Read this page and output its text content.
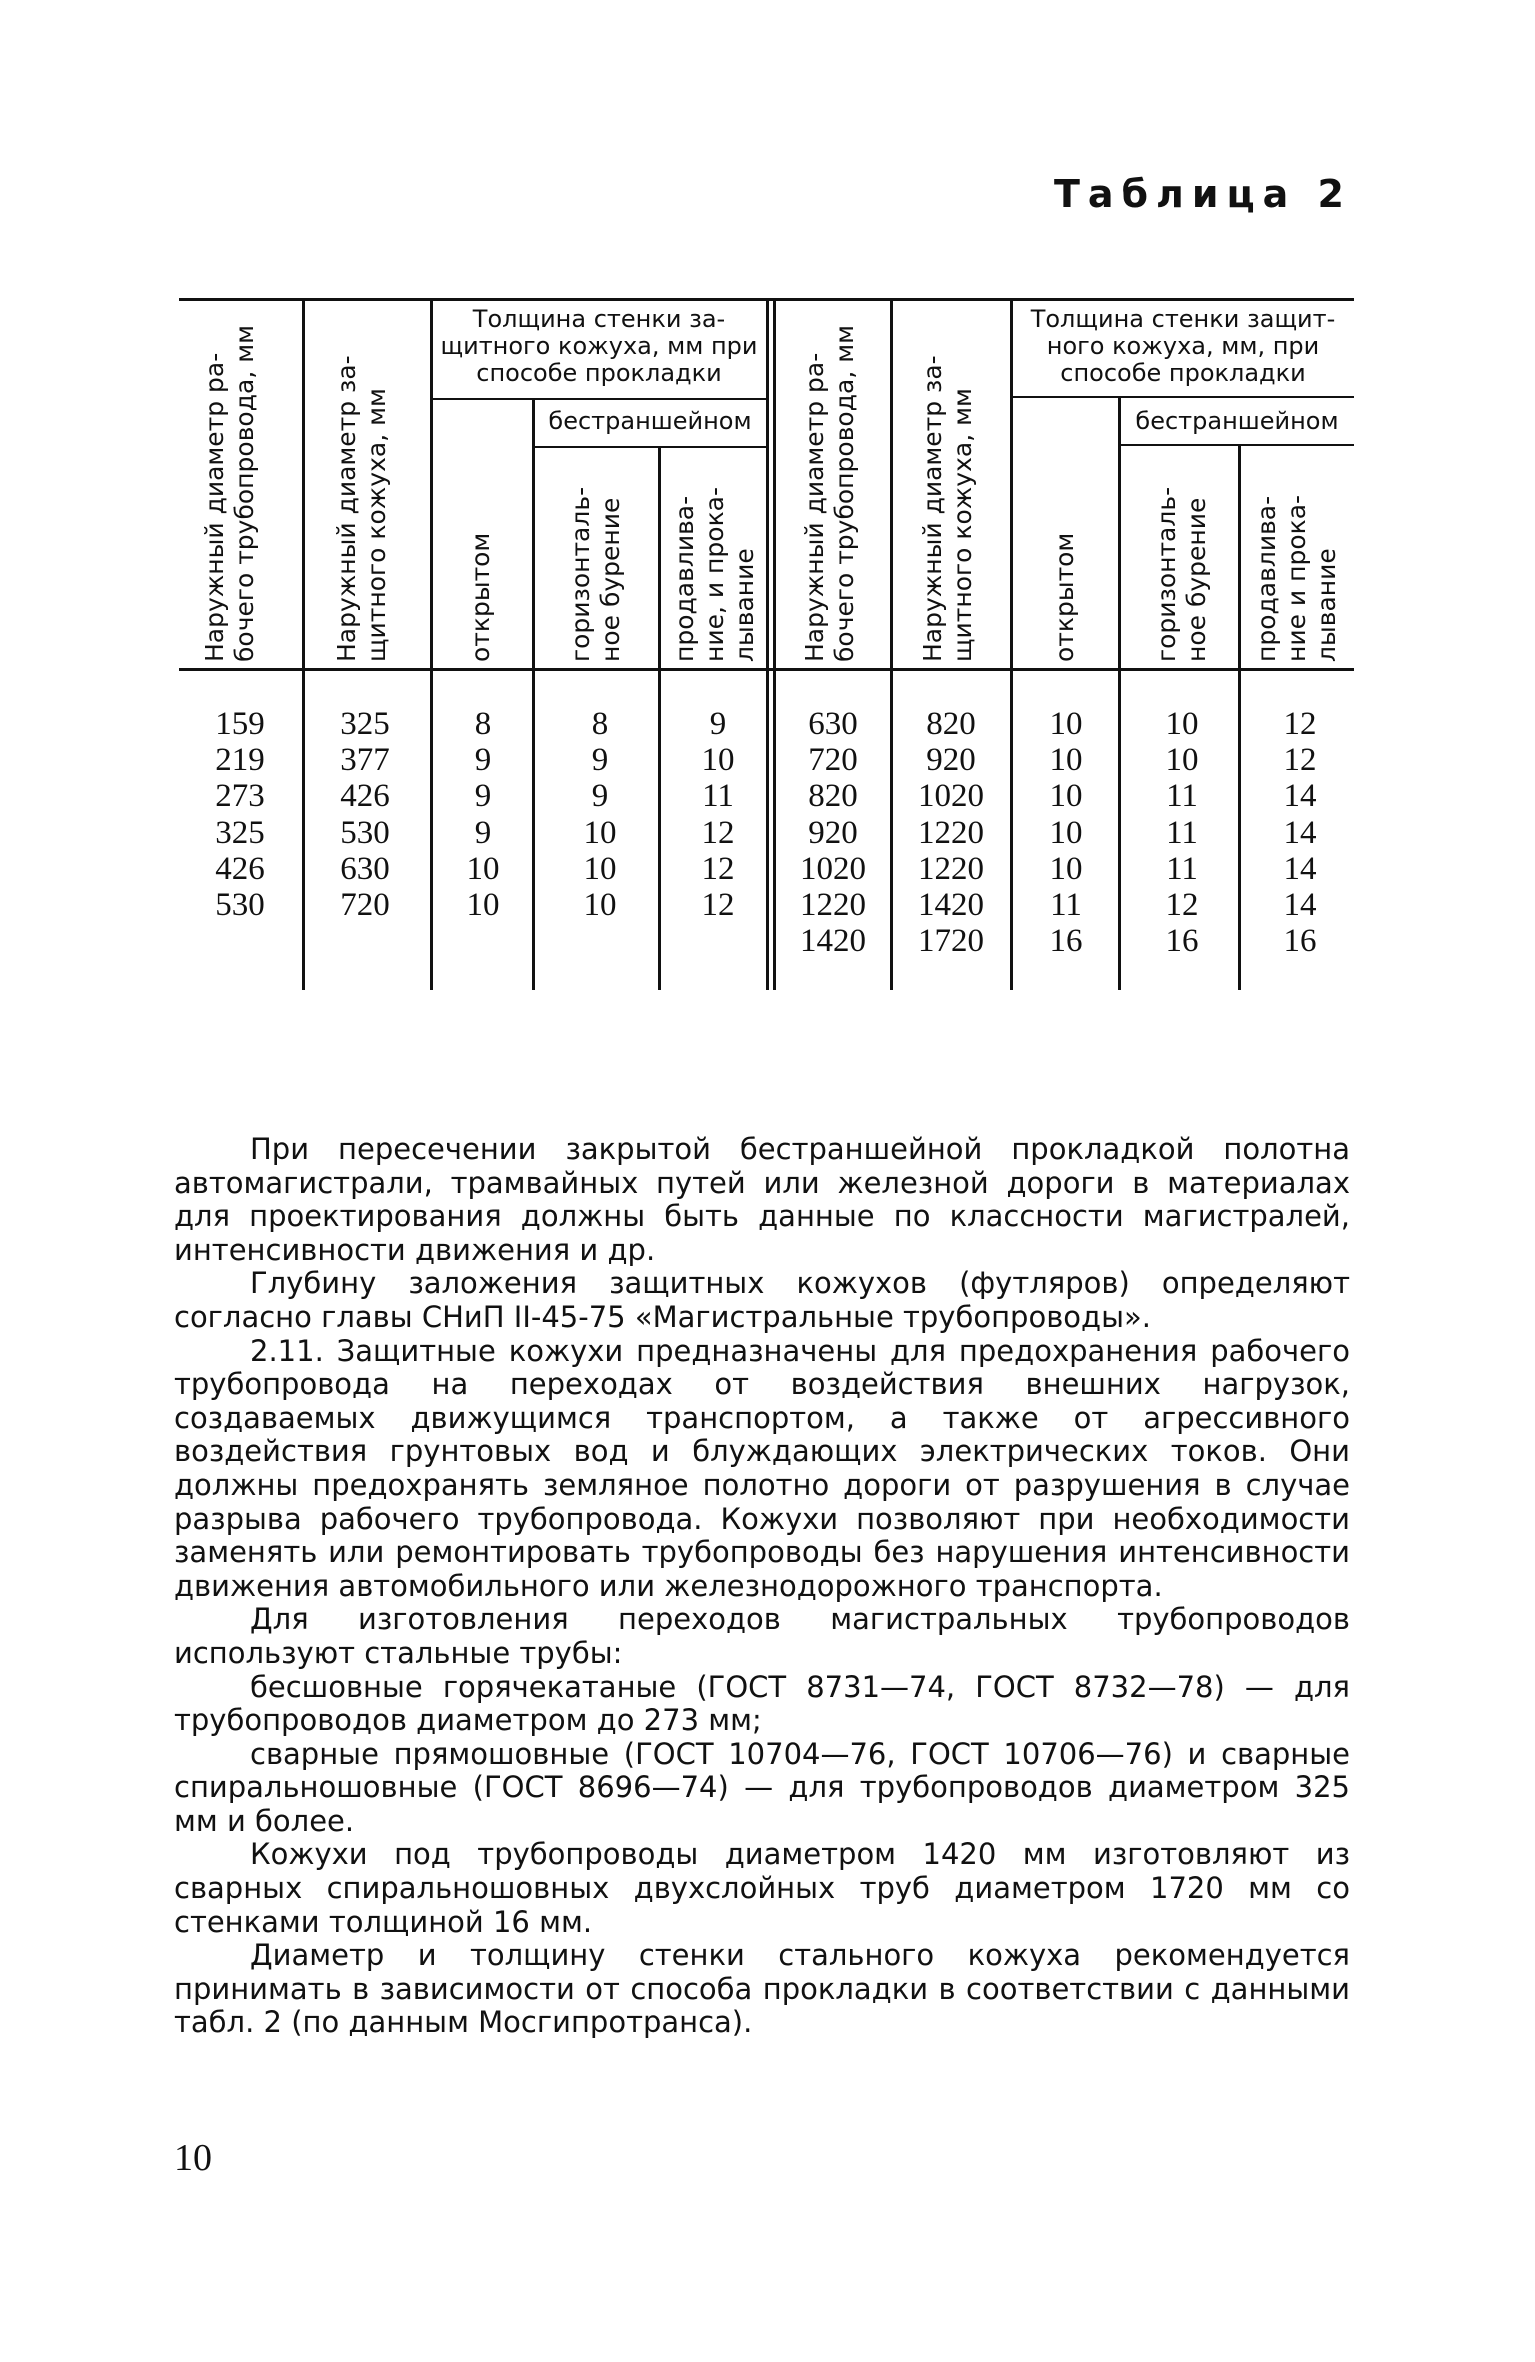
Таблица 2
Наружный диаметр ра-
бочего трубопровода, мм
Наружный диаметр за-
щитного кожуха, мм
Толщина стенки за-щитного кожуха, мм при способе прокладки
бестраншейном
открытом	горизонталь-
ное бурение продавлива-
ние, и прока-
лывание Наружный диаметр ра-
бочего трубопровода, мм
Наружный диаметр за-
щитного кожуха, мм
Толщина стенки защит-ного кожуха, мм, при способе прокладки
бестраншейном
открытом	горизонталь-
ное бурение продавлива-
ние и прока-
лывание
159
219
273
325
426
530
325
377
426
530
630
720
8
9
9
9
10
10
8
9
9
10
10
10
9
10
11
12
12
12
630
720
820
920
1020
1220
1420
820
920
1020
1220
1220
1420
1720
10
10
10
10
10
11
16
10
10
11
11
11
12
16
12
12
14
14
14
14
16

При пересечении закрытой бестраншейной прокладкой полотна автомагистрали, трамвайных путей или железной дороги в материалах для проектирования должны быть данные по классности магистралей, интенсивности движения и др.

Глубину заложения защитных кожухов (футляров) определяют согласно главы СНиП II-45-75 «Магистральные трубопроводы».

2.11. Защитные кожухи предназначены для предохранения рабочего трубопровода на переходах от воздействия внешних нагрузок, создаваемых движущимся транспортом, а также от агрессивного воздействия грунтовых вод и блуждающих электрических токов. Они должны предохранять земляное полотно дороги от разрушения в случае разрыва рабочего трубопровода. Кожухи позволяют при необходимости заменять или ремонтировать трубопроводы без нарушения интенсивности движения автомобильного или железнодорожного транспорта.

Для изготовления переходов магистральных трубопроводов используют стальные трубы:

бесшовные горячекатаные (ГОСТ 8731—74, ГОСТ 8732—78) — для трубопроводов диаметром до 273 мм;

сварные прямошовные (ГОСТ 10704—76, ГОСТ 10706—76) и сварные спиральношовные (ГОСТ 8696—74) — для трубопроводов диаметром 325 мм и более.

Кожухи под трубопроводы диаметром 1420 мм изготовляют из сварных спиральношовных двухслойных труб диаметром 1720 мм со стенками толщиной 16 мм.

Диаметр и толщину стенки стального кожуха рекомендуется принимать в зависимости от способа прокладки в соответствии с данными табл. 2 (по данным Мосгипротранса).

10
